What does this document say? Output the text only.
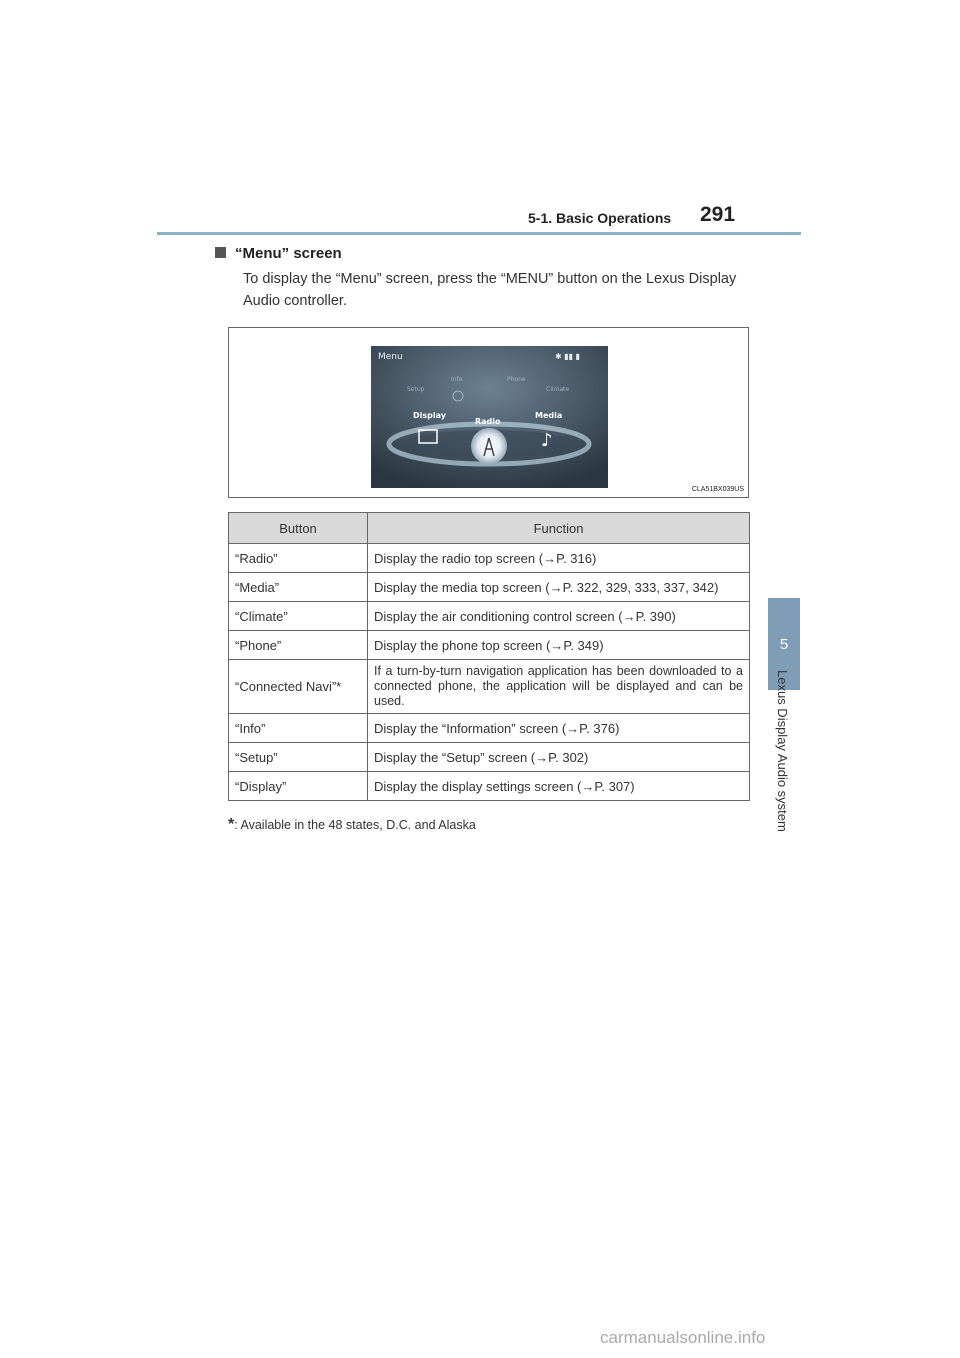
5-1. Basic Operations 291
5
Lexus Display Audio system
“Menu” screen
To display the “Menu” screen, press the “MENU” button on the Lexus Display Audio controller.
Menu	✱ ▮▮ ▮
Setup
Info	Phone
Climate
Display
Radio
Media
♪
CLA51BX039US
Button	Function
“Radio”	Display the radio top screen (→P. 316)
“Media”	Display the media top screen (→P. 322, 329, 333, 337, 342)
“Climate”	Display the air conditioning control screen (→P. 390)
“Phone”	Display the phone top screen (→P. 349)
“Connected Navi”*	If a turn-by-turn navigation application has been downloaded to a connected phone, the application will be displayed and can be used.
“Info”	Display the “Information” screen (→P. 376)
“Setup”	Display the “Setup” screen (→P. 302)
“Display”	Display the display settings screen (→P. 307)
*: Available in the 48 states, D.C. and Alaska
carmanualsonline.info
